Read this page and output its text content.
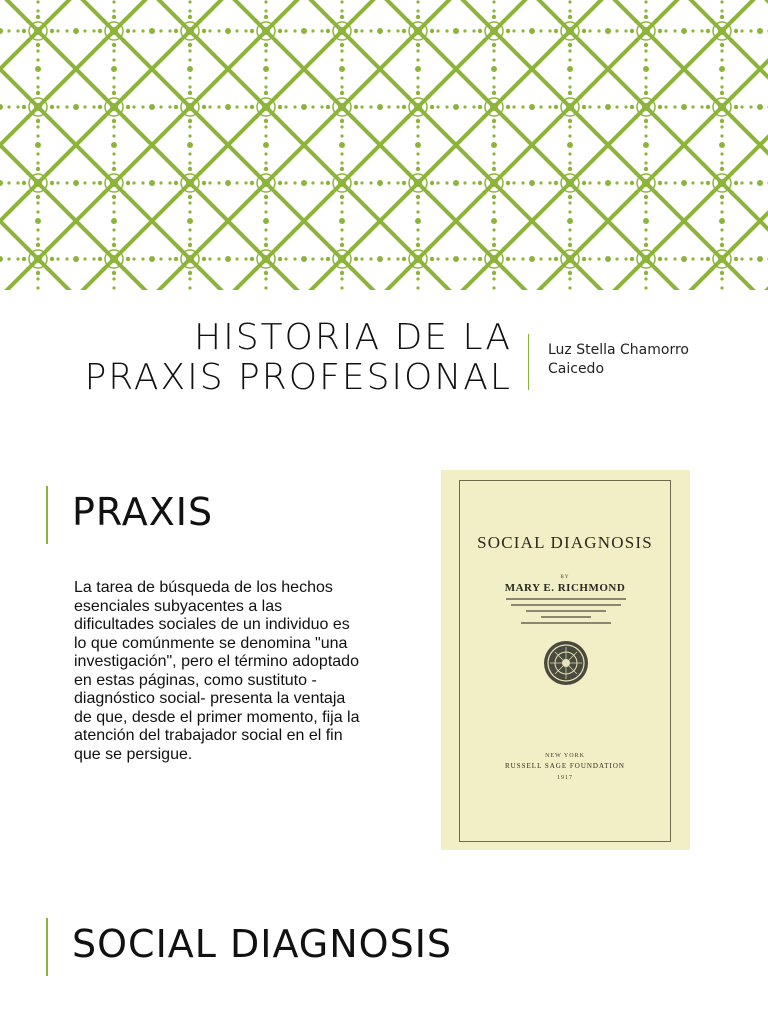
HISTORIA DE LA PRAXIS PROFESIONAL
Luz Stella Chamorro Caicedo
PRAXIS

La tarea de búsqueda de los hechos esenciales subyacentes a las dificultades sociales de un individuo es lo que comúnmente se denomina "una investigación", pero el término adoptado en estas páginas, como sustituto - diagnóstico social- presenta la ventaja de que, desde el primer momento, fija la atención del trabajador social en el fin que se persigue.

SOCIAL DIAGNOSIS
BY
MARY E. RICHMOND
NEW YORK
RUSSELL SAGE FOUNDATION
1917
SOCIAL DIAGNOSIS
